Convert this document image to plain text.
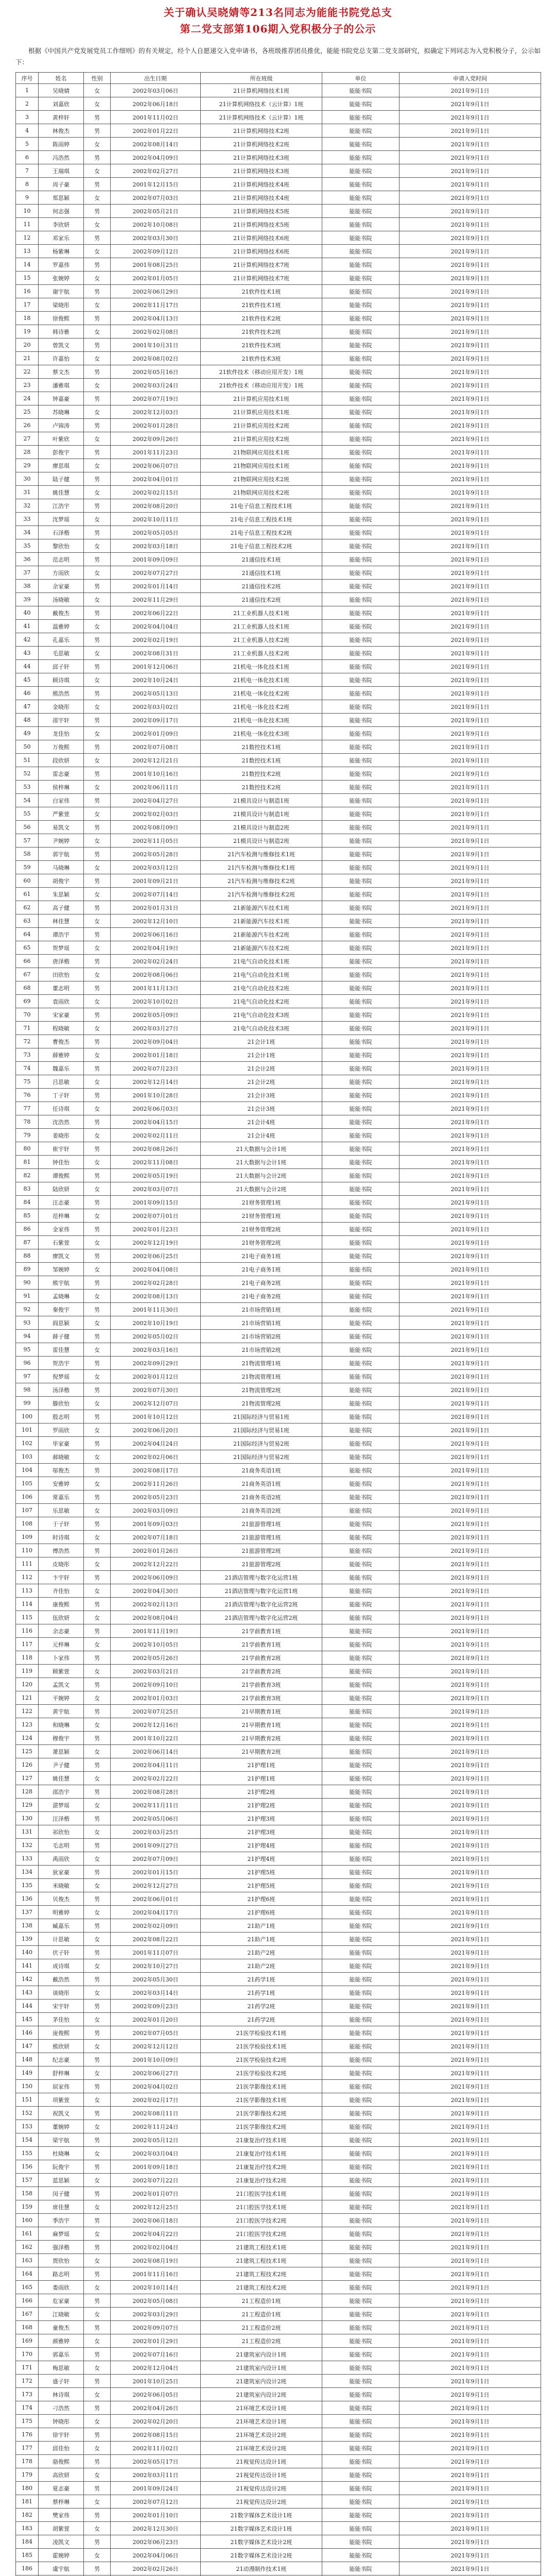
关于确认吴晓婧等213名同志为能能书院党总支
第二党支部第106期入党积极分子的公示
根据《中国共产党发展党员工作细则》的有关规定，经个人自愿递交入党申请书，各班级推荐团员推优，能能书院党总支第二党支部研究，拟确定下列同志为入党积极分子，公示如下：
序号	姓名	性别	出生日期	所在班级	单位	申请入党时间
1	吴晓婧	女	2002年03月06日	21计算机网络技术1班	能能书院	2021年9月1日
2	刘嘉欣	女	2002年06月18日	21计算机网络技术（云计算）1班	能能书院	2021年9月1日
3	黄梓轩	男	2001年11月02日	21计算机网络技术（云计算）1班	能能书院	2021年9月1日
4	林俊杰	男	2002年01月22日	21计算机网络技术2班	能能书院	2021年9月1日
5	陈雨婷	女	2002年08月14日	21计算机网络技术2班	能能书院	2021年9月1日
6	冯浩然	男	2002年04月09日	21计算机网络技术3班	能能书院	2021年9月1日
7	王瑞琪	女	2002年02月27日	21计算机网络技术3班	能能书院	2021年9月1日
8	周子豪	男	2001年12月15日	21计算机网络技术4班	能能书院	2021年9月1日
9	郑思颖	女	2002年07月03日	21计算机网络技术4班	能能书院	2021年9月1日
10	何志强	男	2002年05月21日	21计算机网络技术5班	能能书院	2021年9月1日
11	李欣妍	女	2002年10月08日	21计算机网络技术5班	能能书院	2021年9月1日
12	邓家乐	男	2002年03月30日	21计算机网络技术6班	能能书院	2021年9月1日
13	杨紫琳	女	2002年09月12日	21计算机网络技术6班	能能书院	2021年9月1日
14	罗嘉伟	男	2001年08月25日	21计算机网络技术7班	能能书院	2021年9月1日
15	张婉婷	女	2002年01月05日	21计算机网络技术7班	能能书院	2021年9月1日
16	谢宇航	男	2002年06月29日	21软件技术1班	能能书院	2021年9月1日
17	梁晓彤	女	2002年11月17日	21软件技术1班	能能书院	2021年9月1日
18	徐俊熙	男	2002年04月13日	21软件技术2班	能能书院	2021年9月1日
19	韩诗雅	女	2002年02月08日	21软件技术2班	能能书院	2021年9月1日
20	曾凯文	男	2001年10月31日	21软件技术3班	能能书院	2021年9月1日
21	许嘉怡	女	2002年08月02日	21软件技术3班	能能书院	2021年9月1日
22	蔡文杰	男	2002年05月16日	21软件技术（移动应用开发）1班	能能书院	2021年9月1日
23	潘雅琪	女	2002年03月24日	21软件技术（移动应用开发）1班	能能书院	2021年9月1日
24	钟嘉豪	男	2002年07月19日	21计算机应用技术1班	能能书院	2021年9月1日
25	苏晓琳	女	2002年12月03日	21计算机应用技术1班	能能书院	2021年9月1日
26	卢锦涛	男	2002年01月28日	21计算机应用技术2班	能能书院	2021年9月1日
27	叶紫欣	女	2002年09月26日	21计算机应用技术2班	能能书院	2021年9月1日
28	彭俊宇	男	2001年11月23日	21物联网应用技术1班	能能书院	2021年9月1日
29	廖思琪	女	2002年06月07日	21物联网应用技术1班	能能书院	2021年9月1日
30	陆子健	男	2002年04月01日	21物联网应用技术2班	能能书院	2021年9月1日
31	姚佳慧	女	2002年02月15日	21物联网应用技术2班	能能书院	2021年9月1日
32	江浩宇	男	2002年08月20日	21电子信息工程技术1班	能能书院	2021年9月1日
33	沈梦瑶	女	2002年10月11日	21电子信息工程技术1班	能能书院	2021年9月1日
34	石泽楷	男	2002年05月05日	21电子信息工程技术2班	能能书院	2021年9月1日
35	黎欣怡	女	2002年03月18日	21电子信息工程技术2班	能能书院	2021年9月1日
36	范志明	男	2001年09月09日	21通信技术1班	能能书院	2021年9月1日
37	方雨欣	女	2002年07月27日	21通信技术1班	能能书院	2021年9月1日
38	余家豪	男	2002年01月14日	21通信技术2班	能能书院	2021年9月1日
39	汤晓敏	女	2002年11月29日	21通信技术2班	能能书院	2021年9月1日
40	戴俊杰	男	2002年06月22日	21工业机器人技术1班	能能书院	2021年9月1日
41	温雅婷	女	2002年04月04日	21工业机器人技术1班	能能书院	2021年9月1日
42	孔嘉乐	男	2002年02月19日	21工业机器人技术2班	能能书院	2021年9月1日
43	毛思敏	女	2002年08月31日	21工业机器人技术2班	能能书院	2021年9月1日
44	邱子轩	男	2001年12月06日	21机电一体化技术1班	能能书院	2021年9月1日
45	顾诗琪	女	2002年10月24日	21机电一体化技术1班	能能书院	2021年9月1日
46	熊浩然	男	2002年05月13日	21机电一体化技术2班	能能书院	2021年9月1日
47	金晓彤	女	2002年03月02日	21机电一体化技术2班	能能书院	2021年9月1日
48	邵宇轩	男	2002年09月17日	21机电一体化技术3班	能能书院	2021年9月1日
49	龙佳怡	女	2002年01月09日	21机电一体化技术3班	能能书院	2021年9月1日
50	万俊熙	男	2002年07月08日	21数控技术1班	能能书院	2021年9月1日
51	段欣妍	女	2002年12月21日	21数控技术1班	能能书院	2021年9月1日
52	雷志豪	男	2001年10月16日	21数控技术2班	能能书院	2021年9月1日
53	侯梓琳	女	2002年06月11日	21数控技术2班	能能书院	2021年9月1日
54	白家伟	男	2002年04月27日	21模具设计与制造1班	能能书院	2021年9月1日
55	严紫萱	女	2002年02月03日	21模具设计与制造1班	能能书院	2021年9月1日
56	易凯文	男	2002年08月09日	21模具设计与制造2班	能能书院	2021年9月1日
57	尹婉婷	女	2002年11月05日	21模具设计与制造2班	能能书院	2021年9月1日
58	郭宇航	男	2002年05月28日	21汽车检测与维修技术1班	能能书院	2021年9月1日
59	马晓琳	女	2002年03月12日	21汽车检测与维修技术1班	能能书院	2021年9月1日
60	胡俊宇	男	2001年09月21日	21汽车检测与维修技术2班	能能书院	2021年9月1日
61	朱思颖	女	2002年07月14日	21汽车检测与维修技术2班	能能书院	2021年9月1日
62	高子健	男	2002年01月31日	21新能源汽车技术1班	能能书院	2021年9月1日
63	林佳慧	女	2002年12月10日	21新能源汽车技术1班	能能书院	2021年9月1日
64	谭浩宇	男	2002年06月16日	21新能源汽车技术2班	能能书院	2021年9月1日
65	贺梦瑶	女	2002年04月19日	21新能源汽车技术2班	能能书院	2021年9月1日
66	唐泽楷	男	2002年02月24日	21电气自动化技术1班	能能书院	2021年9月1日
67	田欣怡	女	2002年08月06日	21电气自动化技术1班	能能书院	2021年9月1日
68	董志明	男	2001年11月13日	21电气自动化技术2班	能能书院	2021年9月1日
69	袁雨欣	女	2002年10月02日	21电气自动化技术2班	能能书院	2021年9月1日
70	宋家豪	男	2002年05月09日	21电气自动化技术3班	能能书院	2021年9月1日
71	程晓敏	女	2002年03月27日	21电气自动化技术3班	能能书院	2021年9月1日
72	曹俊杰	男	2002年09月04日	21会计1班	能能书院	2021年9月1日
73	薛雅婷	女	2002年01月18日	21会计1班	能能书院	2021年9月1日
74	魏嘉乐	男	2002年07月23日	21会计2班	能能书院	2021年9月1日
75	吕思敏	女	2002年12月14日	21会计2班	能能书院	2021年9月1日
76	丁子轩	男	2001年10月28日	21会计3班	能能书院	2021年9月1日
77	任诗琪	女	2002年06月03日	21会计3班	能能书院	2021年9月1日
78	沈浩然	男	2002年04月15日	21会计4班	能能书院	2021年9月1日
79	姜晓彤	女	2002年02月11日	21会计4班	能能书院	2021年9月1日
80	崔宇轩	男	2002年08月26日	21大数据与会计1班	能能书院	2021年9月1日
81	钟佳怡	女	2002年11月08日	21大数据与会计1班	能能书院	2021年9月1日
82	谭俊熙	男	2002年05月19日	21大数据与会计2班	能能书院	2021年9月1日
83	陆欣妍	女	2002年03月07日	21大数据与会计2班	能能书院	2021年9月1日
84	汪志豪	男	2001年09月15日	21财务管理1班	能能书院	2021年9月1日
85	范梓琳	女	2002年07月01日	21财务管理1班	能能书院	2021年9月1日
86	金家伟	男	2002年01月23日	21财务管理2班	能能书院	2021年9月1日
87	石紫萱	女	2002年12月19日	21财务管理2班	能能书院	2021年9月1日
88	廖凯文	男	2002年06月25日	21电子商务1班	能能书院	2021年9月1日
89	邹婉婷	女	2002年04月08日	21电子商务1班	能能书院	2021年9月1日
90	熊宇航	男	2002年02月28日	21电子商务2班	能能书院	2021年9月1日
91	孟晓琳	女	2002年08月13日	21电子商务2班	能能书院	2021年9月1日
92	秦俊宇	男	2001年11月30日	21市场营销1班	能能书院	2021年9月1日
93	阎思颖	女	2002年10月19日	21市场营销1班	能能书院	2021年9月1日
94	薛子健	男	2002年05月02日	21市场营销2班	能能书院	2021年9月1日
95	雷佳慧	女	2002年03月16日	21市场营销2班	能能书院	2021年9月1日
96	贺浩宇	男	2002年09月29日	21物流管理1班	能能书院	2021年9月1日
97	倪梦瑶	女	2002年01月12日	21物流管理1班	能能书院	2021年9月1日
98	汤泽楷	男	2002年07月30日	21物流管理2班	能能书院	2021年9月1日
99	滕欣怡	女	2002年12月07日	21物流管理2班	能能书院	2021年9月1日
100	殷志明	男	2001年10月12日	21国际经济与贸易1班	能能书院	2021年9月1日
101	罗雨欣	女	2002年06月20日	21国际经济与贸易1班	能能书院	2021年9月1日
102	毕家豪	男	2002年04月24日	21国际经济与贸易2班	能能书院	2021年9月1日
103	郝晓敏	女	2002年02月06日	21国际经济与贸易2班	能能书院	2021年9月1日
104	邬俊杰	男	2002年08月17日	21商务英语1班	能能书院	2021年9月1日
105	安雅婷	女	2002年11月26日	21商务英语1班	能能书院	2021年9月1日
106	常嘉乐	男	2002年05月23日	21商务英语2班	能能书院	2021年9月1日
107	乐思敏	女	2002年03月09日	21商务英语2班	能能书院	2021年9月1日
108	于子轩	男	2001年09月03日	21旅游管理1班	能能书院	2021年9月1日
109	时诗琪	女	2002年07月18日	21旅游管理1班	能能书院	2021年9月1日
110	傅浩然	男	2002年01月26日	21旅游管理2班	能能书院	2021年9月1日
111	皮晓彤	女	2002年12月22日	21旅游管理2班	能能书院	2021年9月1日
112	卞宇轩	男	2002年06月09日	21酒店管理与数字化运营1班	能能书院	2021年9月1日
113	齐佳怡	女	2002年04月30日	21酒店管理与数字化运营1班	能能书院	2021年9月1日
114	康俊熙	男	2002年02月13日	21酒店管理与数字化运营2班	能能书院	2021年9月1日
115	伍欣妍	女	2002年08月04日	21酒店管理与数字化运营2班	能能书院	2021年9月1日
116	余志豪	男	2001年11月19日	21学前教育1班	能能书院	2021年9月1日
117	元梓琳	女	2002年10月05日	21学前教育1班	能能书院	2021年9月1日
118	卜家伟	男	2002年05月26日	21学前教育2班	能能书院	2021年9月1日
119	顾紫萱	女	2002年03月21日	21学前教育2班	能能书院	2021年9月1日
120	孟凯文	男	2002年09月10日	21学前教育3班	能能书院	2021年9月1日
121	平婉婷	女	2002年01月03日	21学前教育3班	能能书院	2021年9月1日
122	黄宇航	男	2002年07月25日	21早期教育1班	能能书院	2021年9月1日
123	和晓琳	女	2002年12月16日	21早期教育1班	能能书院	2021年9月1日
124	穆俊宇	男	2001年10月22日	21早期教育2班	能能书院	2021年9月1日
125	萧思颖	女	2002年06月14日	21早期教育2班	能能书院	2021年9月1日
126	尹子健	男	2002年04月11日	21护理1班	能能书院	2021年9月1日
127	姚佳慧	女	2002年02月22日	21护理1班	能能书院	2021年9月1日
128	邵浩宇	男	2002年08月28日	21护理2班	能能书院	2021年9月1日
129	湛梦瑶	女	2002年11月11日	21护理2班	能能书院	2021年9月1日
130	汪泽楷	男	2002年05月06日	21护理3班	能能书院	2021年9月1日
131	祁欣怡	女	2002年03月25日	21护理3班	能能书院	2021年9月1日
132	毛志明	男	2001年09月27日	21护理4班	能能书院	2021年9月1日
133	禹雨欣	女	2002年07月09日	21护理4班	能能书院	2021年9月1日
134	狄家豪	男	2002年01月15日	21护理5班	能能书院	2021年9月1日
135	米晓敏	女	2002年12月27日	21护理5班	能能书院	2021年9月1日
136	贝俊杰	男	2002年06月01日	21护理6班	能能书院	2021年9月1日
137	明雅婷	女	2002年04月17日	21护理6班	能能书院	2021年9月1日
138	臧嘉乐	男	2002年02月09日	21助产1班	能能书院	2021年9月1日
139	计思敏	女	2002年08月22日	21助产1班	能能书院	2021年9月1日
140	伏子轩	男	2001年11月07日	21助产2班	能能书院	2021年9月1日
141	成诗琪	女	2002年10月27日	21助产2班	能能书院	2021年9月1日
142	戴浩然	男	2002年05月30日	21药学1班	能能书院	2021年9月1日
143	谈晓彤	女	2002年03月14日	21药学1班	能能书院	2021年9月1日
144	宋宇轩	男	2002年09月23日	21药学2班	能能书院	2021年9月1日
145	茅佳怡	女	2002年01月20日	21药学2班	能能书院	2021年9月1日
146	庞俊熙	男	2002年07月05日	21医学检验技术1班	能能书院	2021年9月1日
147	熊欣妍	女	2002年12月12日	21医学检验技术1班	能能书院	2021年9月1日
148	纪志豪	男	2001年10月09日	21医学检验技术2班	能能书院	2021年9月1日
149	舒梓琳	女	2002年06月27日	21医学检验技术2班	能能书院	2021年9月1日
150	屈家伟	男	2002年04月02日	21医学影像技术1班	能能书院	2021年9月1日
151	项紫萱	女	2002年02月17日	21医学影像技术1班	能能书院	2021年9月1日
152	祝凯文	男	2002年08月11日	21医学影像技术2班	能能书院	2021年9月1日
153	董婉婷	女	2002年11月24日	21医学影像技术2班	能能书院	2021年9月1日
154	梁宇航	男	2002年05月12日	21康复治疗技术1班	能能书院	2021年9月1日
155	杜晓琳	女	2002年03月04日	21康复治疗技术1班	能能书院	2021年9月1日
156	阮俊宇	男	2001年09月18日	21康复治疗技术2班	能能书院	2021年9月1日
157	蓝思颖	女	2002年07月22日	21康复治疗技术2班	能能书院	2021年9月1日
158	闵子健	男	2002年01月07日	21口腔医学技术1班	能能书院	2021年9月1日
159	席佳慧	女	2002年12月25日	21口腔医学技术1班	能能书院	2021年9月1日
160	季浩宇	男	2002年06月18日	21口腔医学技术2班	能能书院	2021年9月1日
161	麻梦瑶	女	2002年04月22日	21口腔医学技术2班	能能书院	2021年9月1日
162	强泽楷	男	2002年02月04日	21建筑工程技术1班	能能书院	2021年9月1日
163	贾欣怡	女	2002年08月19日	21建筑工程技术1班	能能书院	2021年9月1日
164	路志明	男	2001年11月16日	21建筑工程技术2班	能能书院	2021年9月1日
165	娄雨欣	女	2002年10月14日	21建筑工程技术2班	能能书院	2021年9月1日
166	危家豪	男	2002年05月08日	21工程造价1班	能能书院	2021年9月1日
167	江晓敏	女	2002年03月29日	21工程造价1班	能能书院	2021年9月1日
168	童俊杰	男	2002年09月07日	21工程造价2班	能能书院	2021年9月1日
169	颜雅婷	女	2002年01月29日	21工程造价2班	能能书院	2021年9月1日
170	郭嘉乐	男	2002年07月16日	21建筑室内设计1班	能能书院	2021年9月1日
171	梅思敏	女	2002年12月04日	21建筑室内设计1班	能能书院	2021年9月1日
172	盛子轩	男	2001年10月25日	21建筑室内设计2班	能能书院	2021年9月1日
173	林诗琪	女	2002年06月05日	21建筑室内设计2班	能能书院	2021年9月1日
174	刁浩然	男	2002年04月26日	21环境艺术设计1班	能能书院	2021年9月1日
175	钟晓彤	女	2002年02月20日	21环境艺术设计1班	能能书院	2021年9月1日
176	徐宇轩	男	2002年08月15日	21环境艺术设计2班	能能书院	2021年9月1日
177	邱佳怡	女	2002年11月02日	21环境艺术设计2班	能能书院	2021年9月1日
178	骆俊熙	男	2002年05月17日	21视觉传达设计1班	能能书院	2021年9月1日
179	高欣妍	女	2002年03月11日	21视觉传达设计1班	能能书院	2021年9月1日
180	夏志豪	男	2001年09月24日	21视觉传达设计2班	能能书院	2021年9月1日
181	蔡梓琳	女	2002年07月12日	21视觉传达设计2班	能能书院	2021年9月1日
182	樊家伟	男	2002年01月10日	21数字媒体艺术设计1班	能能书院	2021年9月1日
183	胡紫萱	女	2002年12月30日	21数字媒体艺术设计1班	能能书院	2021年9月1日
184	凌凯文	男	2002年06月23日	21数字媒体艺术设计2班	能能书院	2021年9月1日
185	霍婉婷	女	2002年04月06日	21数字媒体艺术设计2班	能能书院	2021年9月1日
186	虞宇航	男	2002年02月26日	21动漫制作技术1班	能能书院	2021年9月1日
